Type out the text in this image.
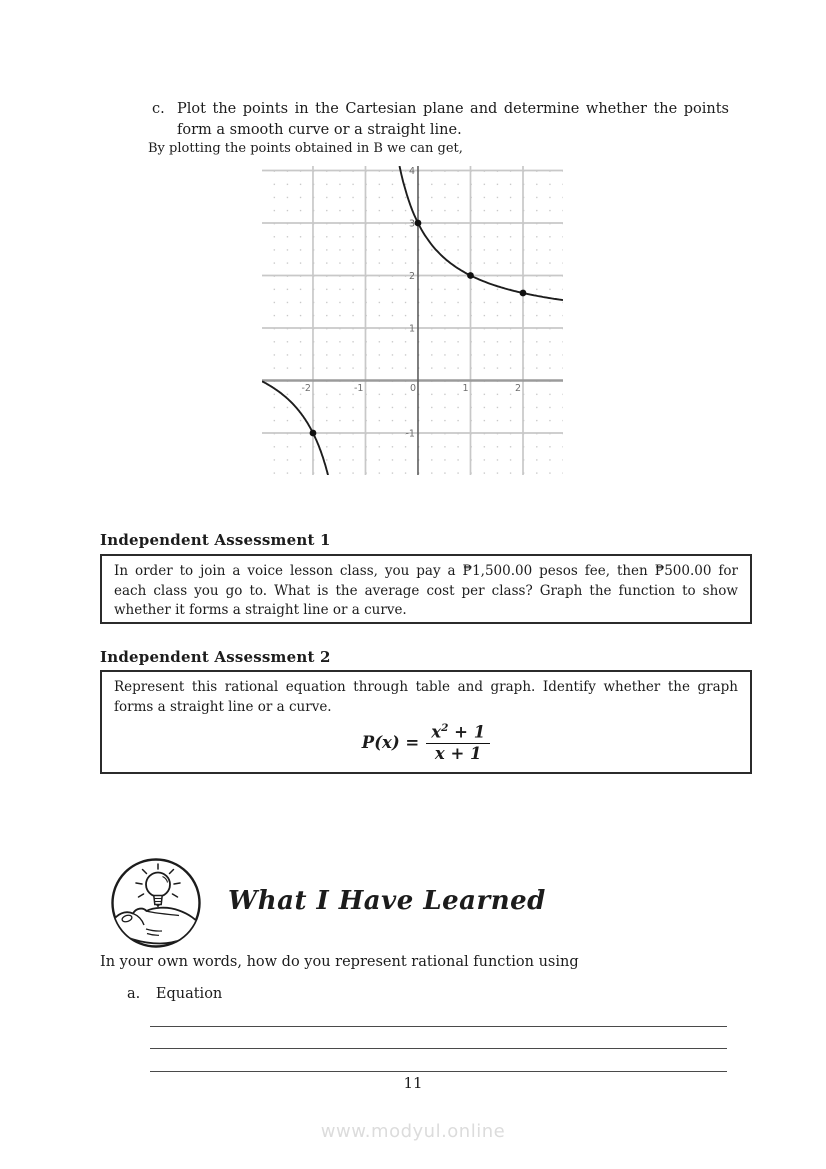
c. Plot the points in the Cartesian plane and determine whether the points
form a smooth curve or a straight line.
By plotting the points obtained in B we can get,
-2	-1	0	1	2
4
3
2
1
-1
Independent Assessment 1
In order to join a voice lesson class, you pay a ₱1,500.00 pesos fee, then ₱500.00 for
each class you go to. What is the average cost per class? Graph the function to show
whether it forms a straight line or a curve.
Independent Assessment 2
Represent this rational equation through table and graph. Identify whether the graph
forms a straight line or a curve.
$P(x) = \frac{x^2 + 1}{x + 1}$
What I Have Learned
In your own words, how do you represent rational function using
a. Equation
11
www.modyul.online
